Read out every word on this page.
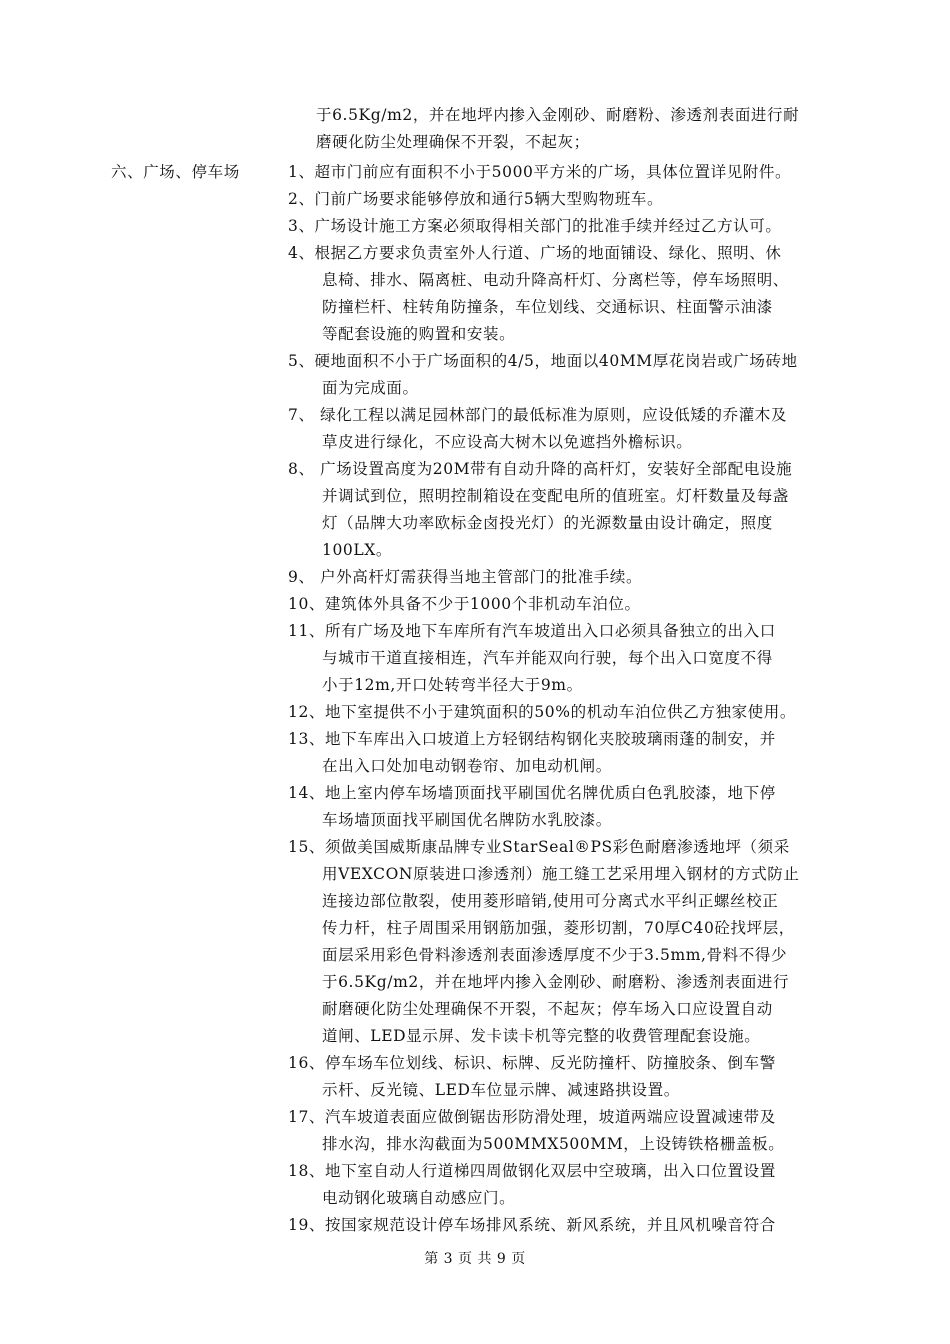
于6.5Kg/m2，并在地坪内掺入金刚砂、耐磨粉、渗透剂表面进行耐
磨硬化防尘处理确保不开裂，不起灰；
六、广场、停车场	1、超市门前应有面积不小于5000平方米的广场，具体位置详见附件。
2、门前广场要求能够停放和通行5辆大型购物班车。
3、广场设计施工方案必须取得相关部门的批准手续并经过乙方认可。
4、根据乙方要求负责室外人行道、广场的地面铺设、绿化、照明、休
息椅、排水、隔离桩、电动升降高杆灯、分离栏等，停车场照明、
防撞栏杆、柱转角防撞条，车位划线、交通标识、柱面警示油漆
等配套设施的购置和安装。
5、硬地面积不小于广场面积的4/5，地面以40MM厚花岗岩或广场砖地
面为完成面。
7、 绿化工程以满足园林部门的最低标准为原则，应设低矮的乔灌木及
草皮进行绿化，不应设高大树木以免遮挡外檐标识。
8、 广场设置高度为20M带有自动升降的高杆灯，安装好全部配电设施
并调试到位，照明控制箱设在变配电所的值班室。灯杆数量及每盏
灯（品牌大功率欧标金卤投光灯）的光源数量由设计确定，照度
100LX。
9、 户外高杆灯需获得当地主管部门的批准手续。
10、建筑体外具备不少于1000个非机动车泊位。
11、所有广场及地下车库所有汽车坡道出入口必须具备独立的出入口
与城市干道直接相连，汽车并能双向行驶，每个出入口宽度不得
小于12m,开口处转弯半径大于9m。
12、地下室提供不小于建筑面积的50%的机动车泊位供乙方独家使用。
13、地下车库出入口坡道上方轻钢结构钢化夹胶玻璃雨蓬的制安，并
在出入口处加电动钢卷帘、加电动机闸。
14、地上室内停车场墙顶面找平刷国优名牌优质白色乳胶漆，地下停
车场墙顶面找平刷国优名牌防水乳胶漆。
15、须做美国威斯康品牌专业StarSeal®PS彩色耐磨渗透地坪（须采
用VEXCON原装进口渗透剂）施工缝工艺采用埋入钢材的方式防止
连接边部位散裂，使用菱形暗销,使用可分离式水平纠正螺丝校正
传力杆，柱子周围采用钢筋加强，菱形切割，70厚C40砼找坪层，
面层采用彩色骨料渗透剂表面渗透厚度不少于3.5mm,骨料不得少
于6.5Kg/m2，并在地坪内掺入金刚砂、耐磨粉、渗透剂表面进行
耐磨硬化防尘处理确保不开裂，不起灰；停车场入口应设置自动
道闸、LED显示屏、发卡读卡机等完整的收费管理配套设施。
16、停车场车位划线、标识、标牌、反光防撞杆、防撞胶条、倒车警
示杆、反光镜、LED车位显示牌、减速路拱设置。
17、汽车坡道表面应做倒锯齿形防滑处理，坡道两端应设置减速带及
排水沟，排水沟截面为500MMX500MM，上设铸铁格栅盖板。
18、地下室自动人行道梯四周做钢化双层中空玻璃，出入口位置设置
电动钢化玻璃自动感应门。
19、按国家规范设计停车场排风系统、新风系统，并且风机噪音符合
第 3 页 共 9 页
